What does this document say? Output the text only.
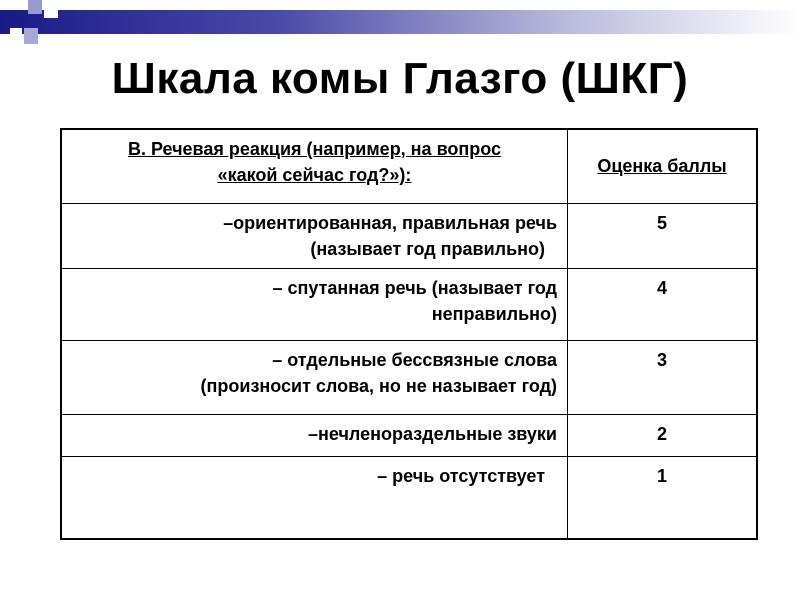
Шкала комы Глазго (ШКГ)
В. Речевая реакция (например, на вопрос
«какой сейчас год?»):	Оценка баллы

–ориентированная, правильная речь
(называет год правильно)	5

– спутанная речь (называет год
неправильно)	4

– отдельные бессвязные слова
(произносит слова, но не называет год)	3

–нечленораздельные звуки	2

– речь отсутствует	1
